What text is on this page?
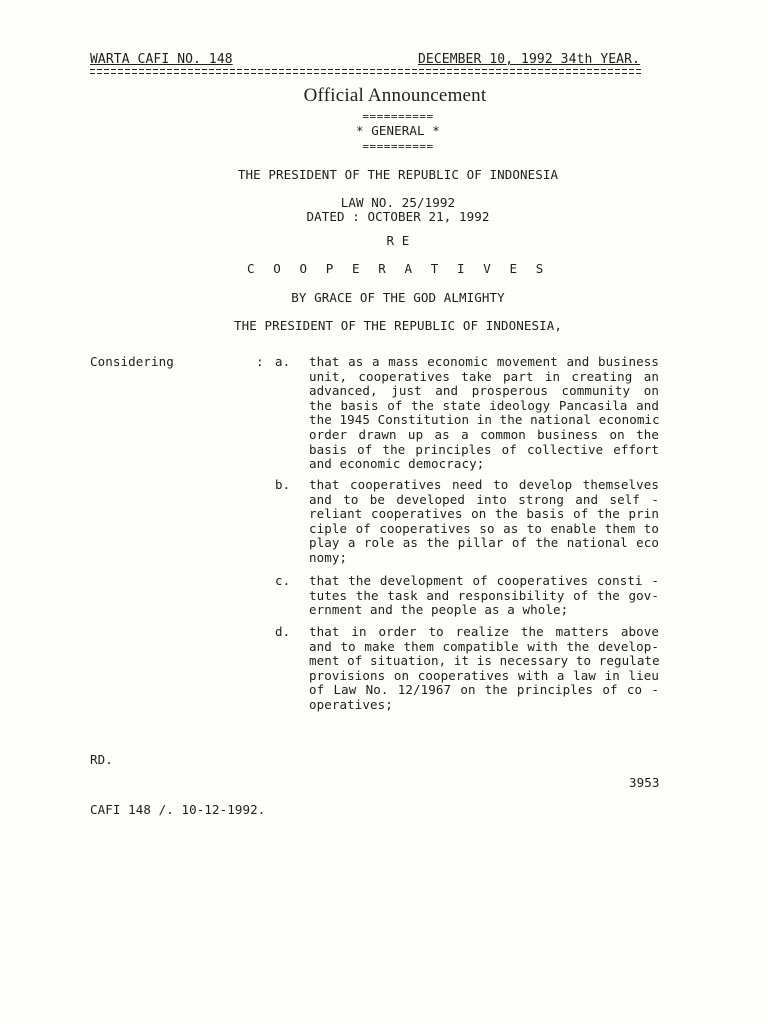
WARTA CAFI NO. 148	DECEMBER 10, 1992 34th YEAR.
Official Announcement
==========
* GENERAL *
==========
THE PRESIDENT OF THE REPUBLIC OF INDONESIA
LAW NO. 25/1992
DATED : OCTOBER 21, 1992
R E
C O O P E R A T I V E S
BY GRACE OF THE GOD ALMIGHTY
THE PRESIDENT OF THE REPUBLIC OF INDONESIA,
Considering	: a.	that as a mass economic movement and business
unit, cooperatives take part in creating an
advanced, just and prosperous community on
the basis of the state ideology Pancasila and
the 1945 Constitution in the national economic
order drawn up as a common business on the
basis of the principles of collective effort
and economic democracy;
b.	that cooperatives need to develop themselves
and to be developed into strong and self -
reliant cooperatives on the basis of the prin
ciple of cooperatives so as to enable them to
play a role as the pillar of the national eco
nomy;
c.	that the development of cooperatives consti -
tutes the task and responsibility of the gov-
ernment and the people as a whole;
d.	that in order to realize the matters above
and to make them compatible with the develop-
ment of situation, it is necessary to regulate
provisions on cooperatives with a law in lieu
of Law No. 12/1967 on the principles of co -
operatives;
RD.
3953
CAFI 148 /. 10-12-1992.
